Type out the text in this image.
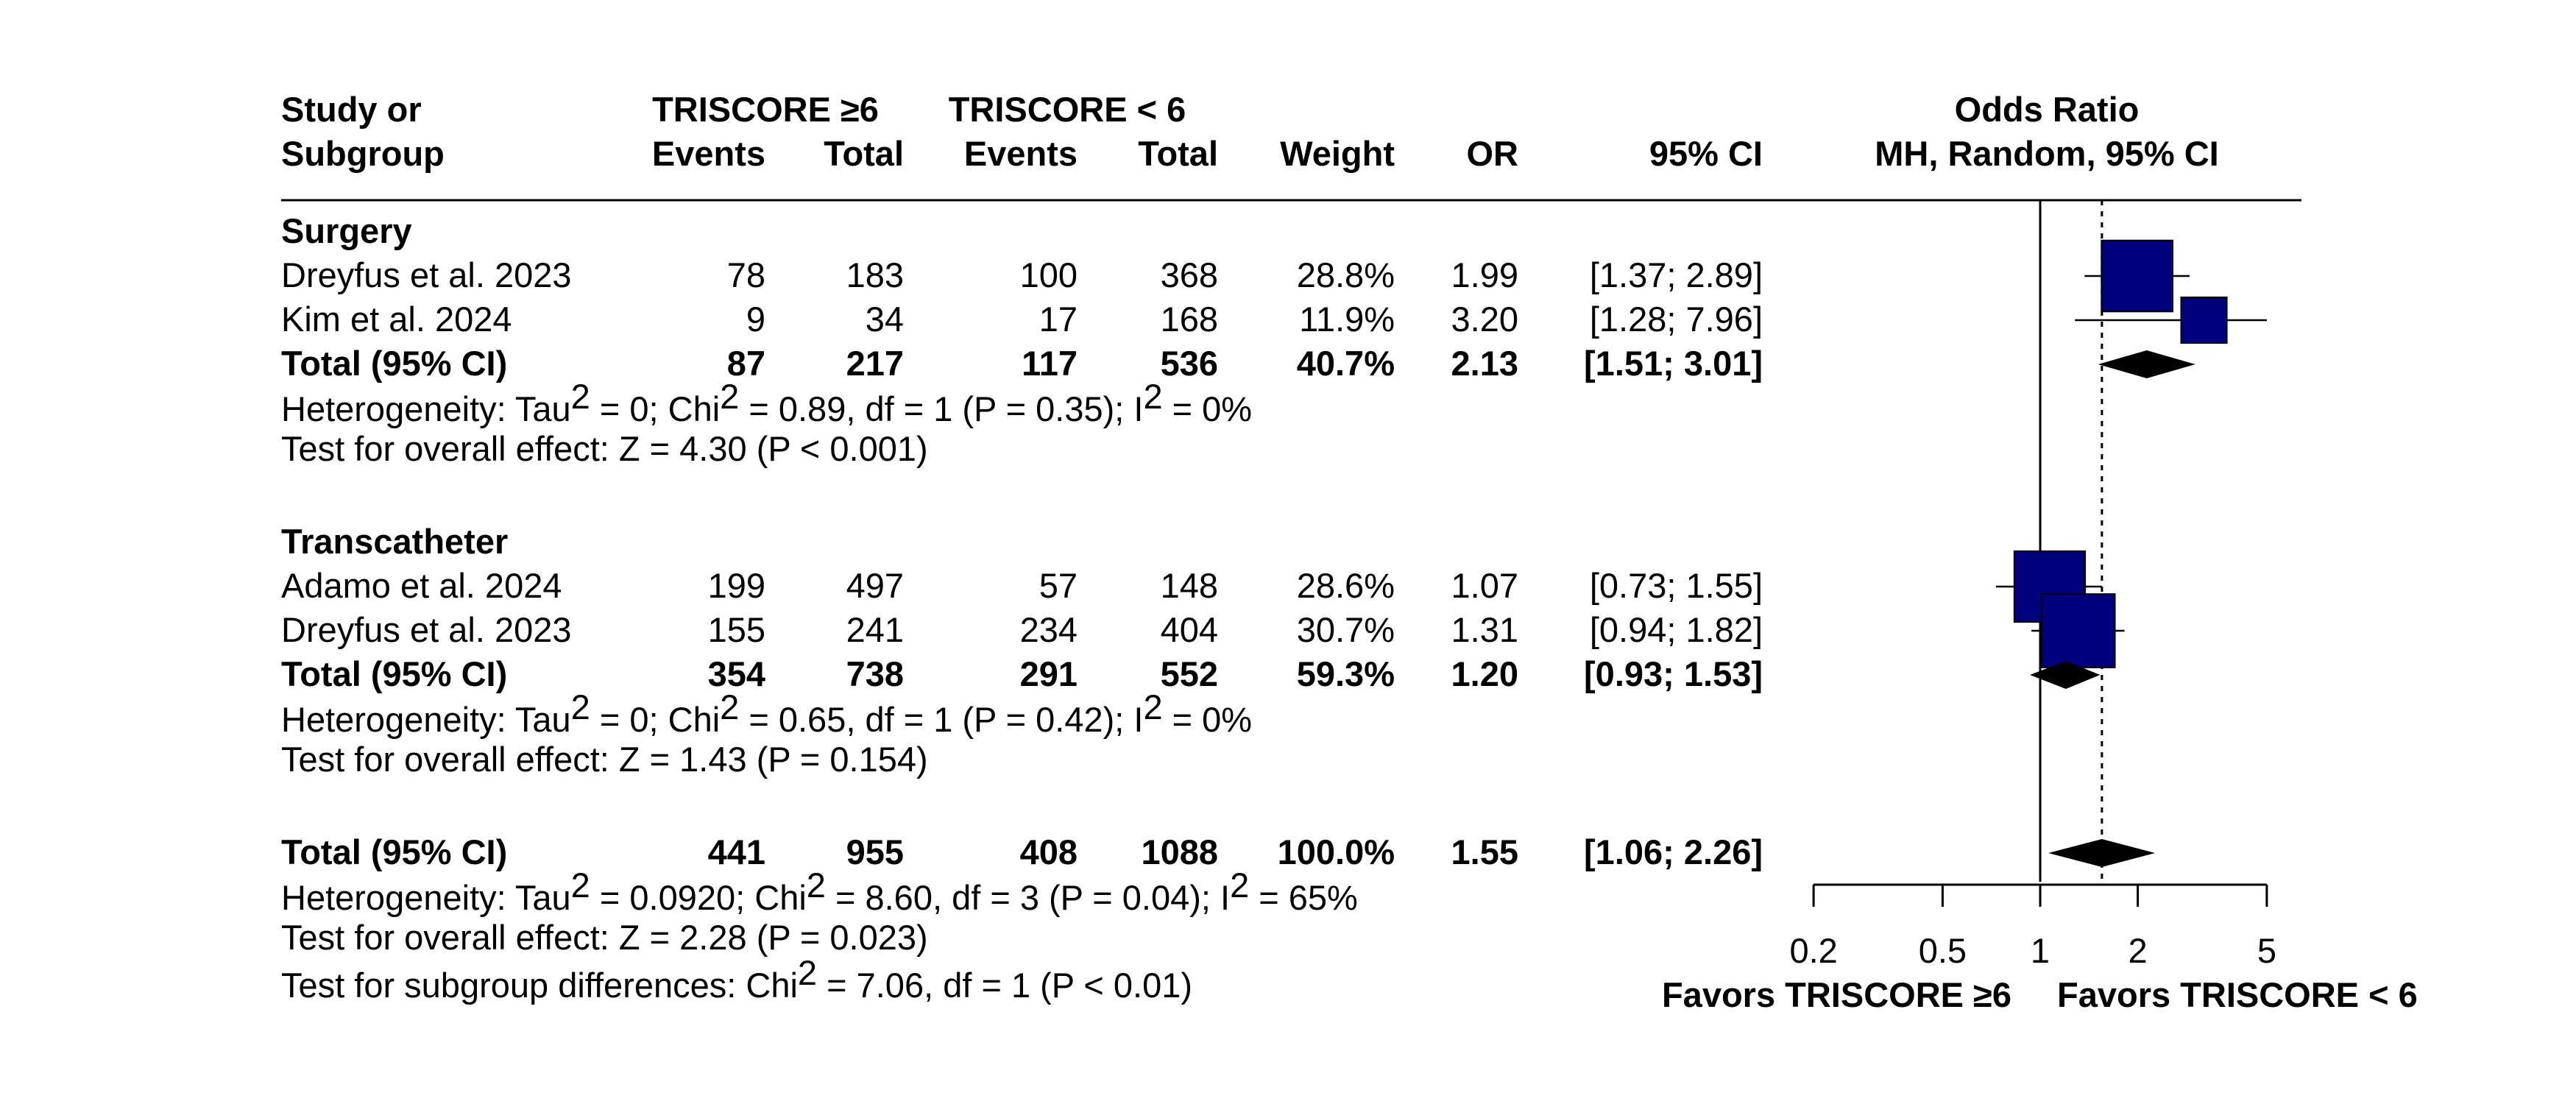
Study or
Subgroup
TRISCORE ≥6 TRISCORE < 6
Events Total Events Total Weight OR	95% CI
Odds Ratio
MH, Random, 95% CI
Surgery
Dreyfus et al. 2023	78 183	100 368 28.8% 1.99 [1.37; 2.89]
Kim et al. 2024	9	34	17 168 11.9% 3.20 [1.28; 7.96]
Total (95% CI)	87 217	117 536 40.7% 2.13 [1.51; 3.01]
Heterogeneity: Tau2 = 0; Chi2 = 0.89, df = 1 (P = 0.35); I2 = 0%
Test for overall effect: Z = 4.30 (P < 0.001)
Transcatheter
Adamo et al. 2024	199 497	57 148 28.6% 1.07 [0.73; 1.55]
Dreyfus et al. 2023	155 241	234 404 30.7% 1.31 [0.94; 1.82]
Total (95% CI)	354 738	291 552 59.3% 1.20 [0.93; 1.53]
Heterogeneity: Tau2 = 0; Chi2 = 0.65, df = 1 (P = 0.42); I2 = 0%
Test for overall effect: Z = 1.43 (P = 0.154)
Total (95% CI)	441 955	408 1088 100.0% 1.55 [1.06; 2.26]
Heterogeneity: Tau2 = 0.0920; Chi2 = 8.60, df = 3 (P = 0.04); I2 = 65%
Test for overall effect: Z = 2.28 (P = 0.023)
Test for subgroup differences: Chi2 = 7.06, df = 1 (P < 0.01)
0.2 0.5 1 2	5
Favors TRISCORE ≥6 Favors TRISCORE < 6
